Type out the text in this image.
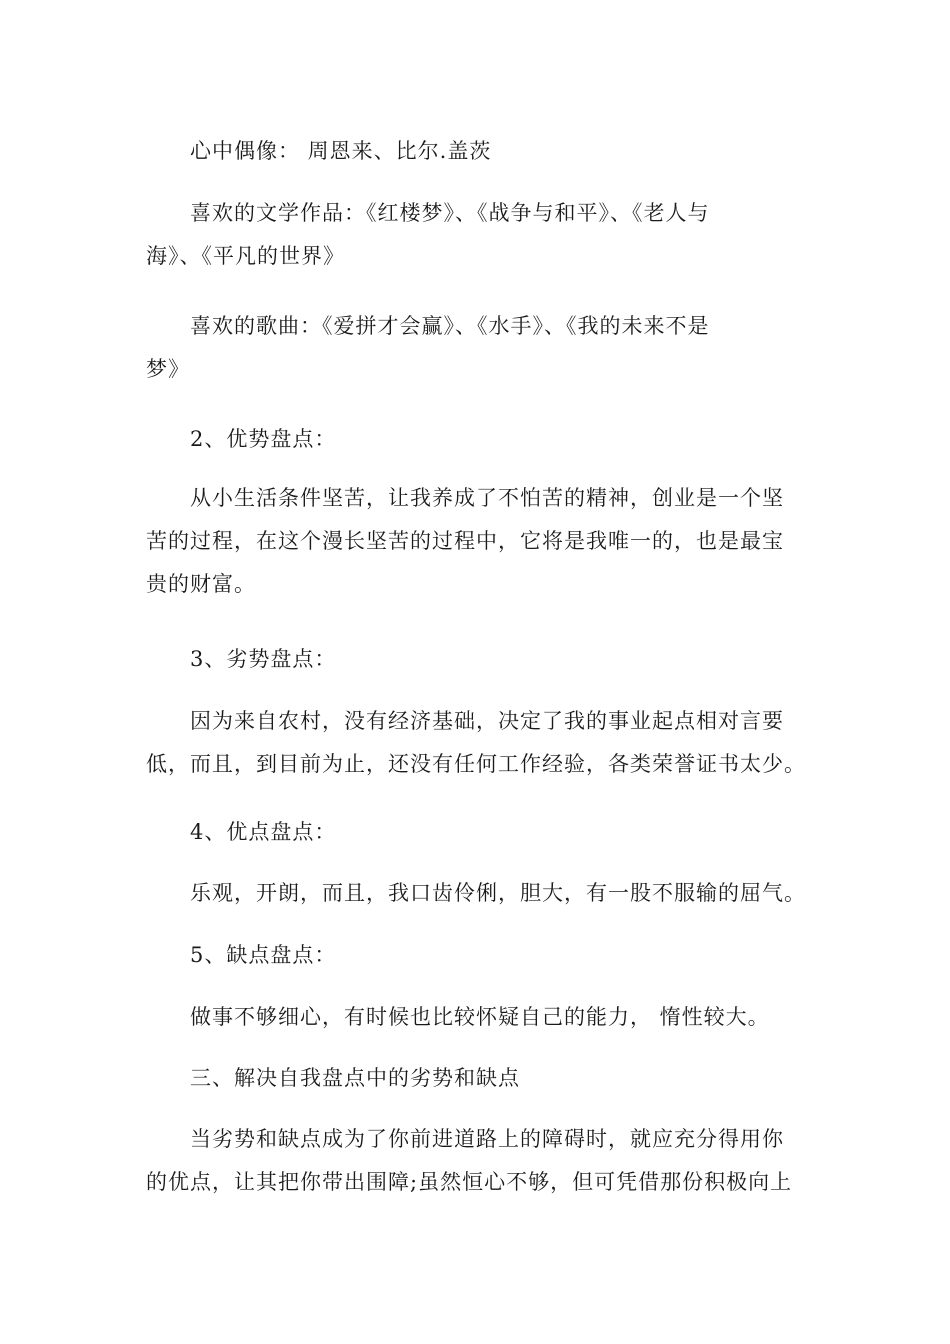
心中偶像： 周恩来、比尔.盖茨

喜欢的文学作品：《红楼梦》、《战争与和平》、《老人与
海》、《平凡的世界》

喜欢的歌曲：《爱拼才会赢》、《水手》、《我的未来不是
梦》

2、优势盘点：

从小生活条件坚苦，让我养成了不怕苦的精神，创业是一个坚
苦的过程，在这个漫长坚苦的过程中，它将是我唯一的，也是最宝
贵的财富。

3、劣势盘点：

因为来自农村，没有经济基础，决定了我的事业起点相对言要
低，而且，到目前为止，还没有任何工作经验，各类荣誉证书太少。

4、优点盘点：

乐观，开朗，而且，我口齿伶俐，胆大，有一股不服输的屈气。

5、缺点盘点：

做事不够细心，有时候也比较怀疑自己的能力， 惰性较大。

三、解决自我盘点中的劣势和缺点

当劣势和缺点成为了你前进道路上的障碍时，就应充分得用你
的优点，让其把你带出围障;虽然恒心不够，但可凭借那份积极向上
